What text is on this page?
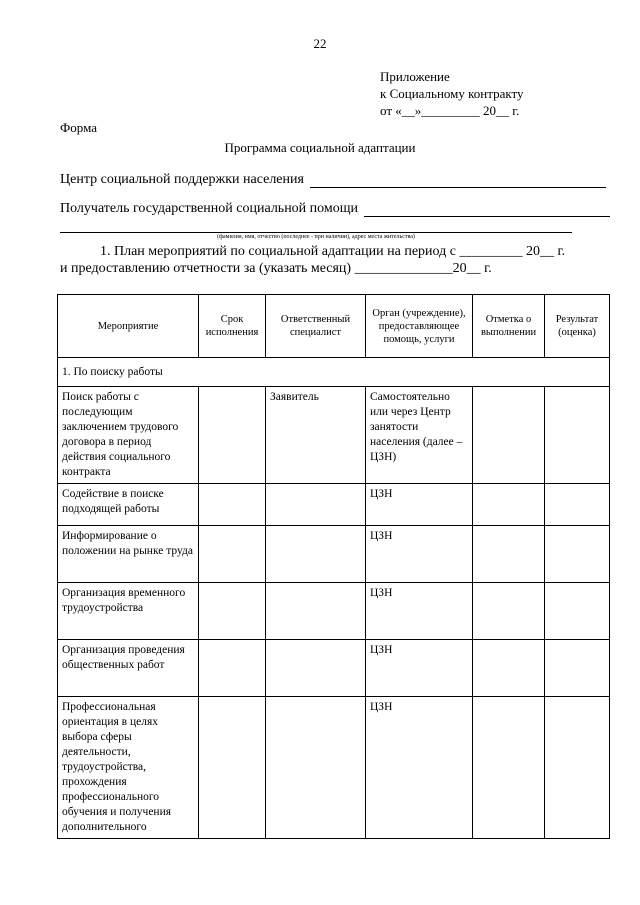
22
Приложение
к Социальному контракту
от «__»_________ 20__ г.
Форма
Программа социальной адаптации
Центр социальной поддержки населения
Получатель государственной социальной помощи
(фамилия, имя, отчество (последнее - при наличии), адрес места жительства)
1. План мероприятий по социальной адаптации на период с _________ 20__ г.
и предоставлению отчетности за (указать месяц) ______________20__ г.
Мероприятие	Срок исполнения	Ответственный специалист	Орган (учреждение), предоставляющее помощь, услуги	Отметка о выполнении	Результат (оценка)
1. По поиску работы					
Поиск работы с последующим заключением трудового договора в период действия социального контракта		Заявитель	Самостоятельно или через Центр занятости населения (далее – ЦЗН)		
Содействие в поиске подходящей работы			ЦЗН		
Информирование о положении на рынке труда			ЦЗН		
Организация временного трудоустройства			ЦЗН		
Организация проведения общественных работ			ЦЗН		
Профессиональная ориентация в целях выбора сферы деятельности, трудоустройства, прохождения профессионального обучения и получения дополнительного			ЦЗН		
